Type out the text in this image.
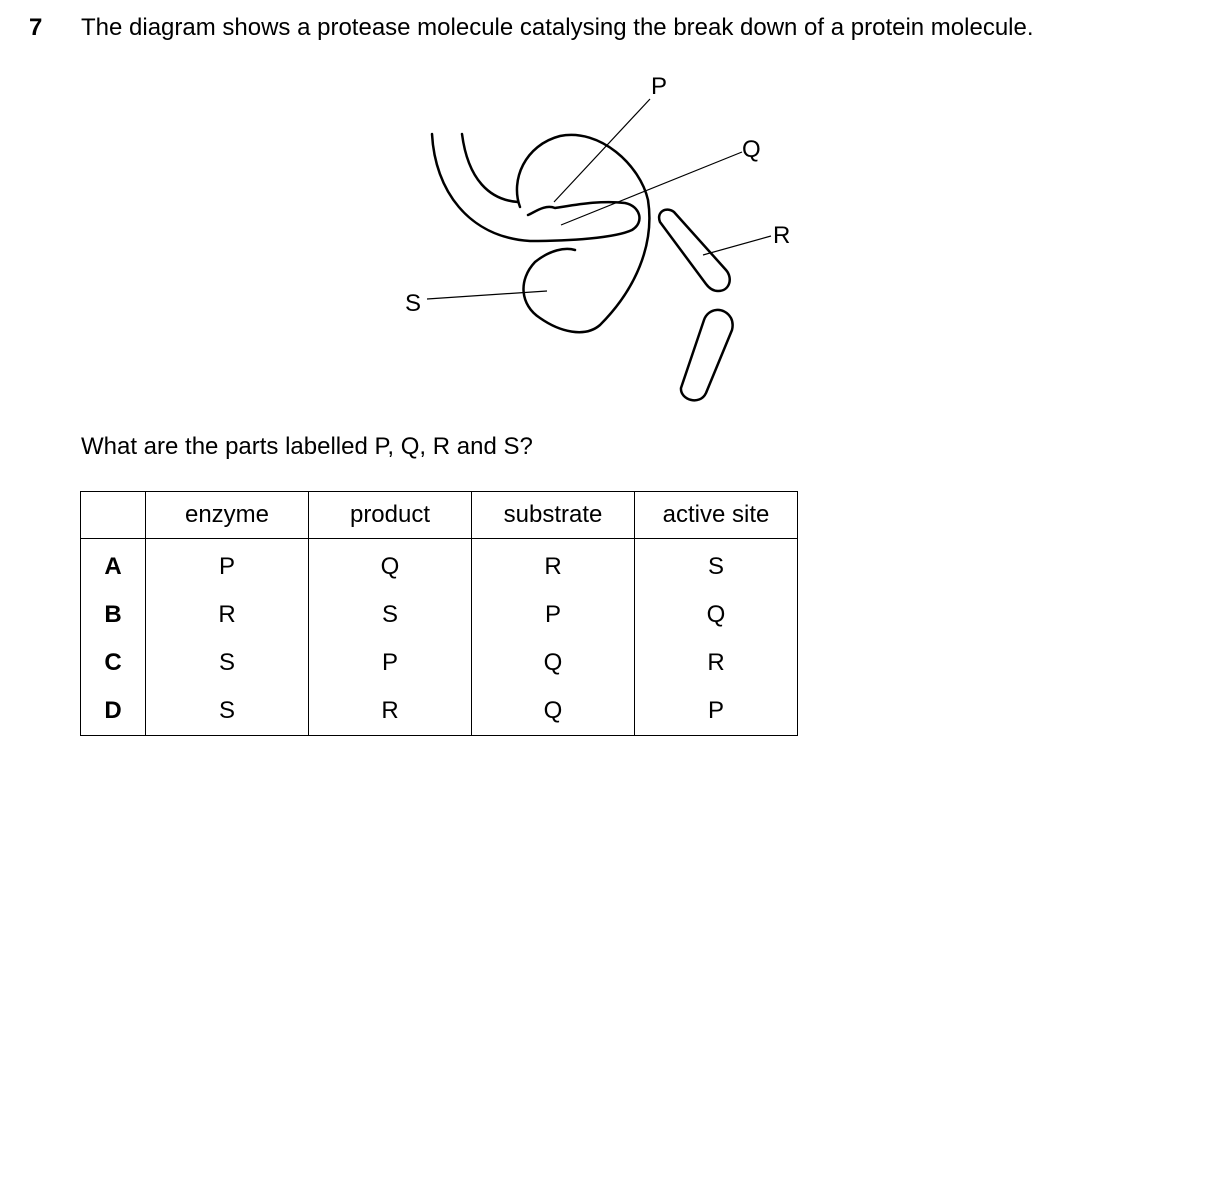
7 The diagram shows a protease molecule catalysing the break down of a protein molecule.
P
Q
R
S
What are the parts labelled P, Q, R and S?
	enzyme	product	substrate	active site
A	P	Q	R	S
B	R	S	P	Q
C	S	P	Q	R
D	S	R	Q	P
